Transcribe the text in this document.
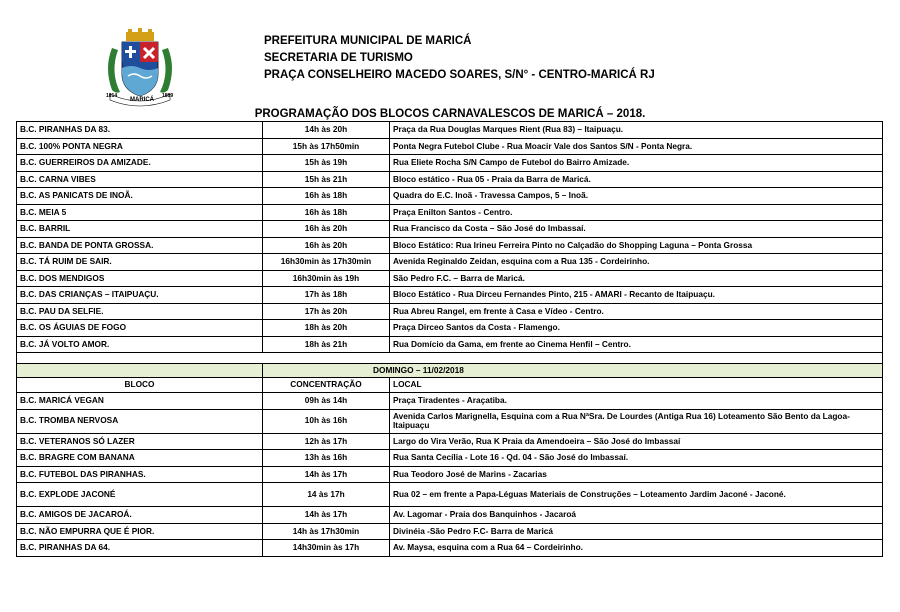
1814
MARICÁ
1889
PREFEITURA MUNICIPAL DE MARICÁ
SECRETARIA DE TURISMO
PRAÇA CONSELHEIRO MACEDO SOARES, S/N° - CENTRO-MARICÁ RJ
PROGRAMAÇÃO DOS BLOCOS CARNAVALESCOS DE MARICÁ – 2018.
B.C. PIRANHAS DA 83.	14h às 20h	Praça da Rua Douglas Marques Rient (Rua 83) – Itaipuaçu.
B.C. 100% PONTA NEGRA	15h às 17h50min	Ponta Negra Futebol Clube - Rua Moacir Vale dos Santos S/N - Ponta Negra.
B.C. GUERREIROS DA AMIZADE.	15h às 19h	Rua Eliete Rocha S/N Campo de Futebol do Bairro Amizade.
B.C. CARNA VIBES	15h às 21h	Bloco estático - Rua 05 - Praia da Barra de Maricá.
B.C. AS PANICATS DE INOÃ.	16h às 18h	Quadra do E.C. Inoã - Travessa Campos, 5 – Inoã.
B.C. MEIA 5	16h às 18h	Praça Enilton Santos - Centro.
B.C. BARRIL	16h às 20h	Rua Francisco da Costa – São José do Imbassaí.
B.C. BANDA DE PONTA GROSSA.	16h às 20h	Bloco Estático: Rua Irineu Ferreira Pinto no Calçadão do Shopping Laguna – Ponta Grossa
B.C. TÁ RUIM DE SAIR.	16h30min às 17h30min	Avenida Reginaldo Zeidan, esquina com a Rua 135 - Cordeirinho.
B.C. DOS MENDIGOS	16h30min às 19h	São Pedro F.C. – Barra de Maricá.
B.C. DAS CRIANÇAS – ITAIPUAÇU.	17h às 18h	Bloco Estático - Rua Dirceu Fernandes Pinto, 215 - AMARI - Recanto de Itaipuaçu.
B.C. PAU DA SELFIE.	17h às 20h	Rua Abreu Rangel, em frente à Casa e Vídeo - Centro.
B.C. OS ÁGUIAS DE FOGO	18h às 20h	Praça Dirceo Santos da Costa - Flamengo.
B.C. JÁ VOLTO AMOR.	18h às 21h	Rua Domício da Gama, em frente ao Cinema Henfil – Centro.

	DOMINGO – 11/02/2018	
BLOCO	CONCENTRAÇÃO	LOCAL
B.C. MARICÁ VEGAN	09h às 14h	Praça Tiradentes - Araçatiba.
B.C. TROMBA NERVOSA	10h às 16h	Avenida Carlos Marignella, Esquina com a Rua NªSra. De Lourdes (Antiga Rua 16) Loteamento São Bento da Lagoa- Itaipuaçu
B.C. VETERANOS SÓ LAZER	12h às 17h	Largo do Vira Verão, Rua K Praia da Amendoeira – São José do Imbassaí
B.C. BRAGRE COM BANANA	13h às 16h	Rua Santa Cecília - Lote 16 - Qd. 04 - São José do Imbassaí.
B.C. FUTEBOL DAS PIRANHAS.	14h às 17h	Rua Teodoro José de Marins - Zacarias
B.C. EXPLODE JACONÉ	14 às 17h	Rua 02 – em frente a Papa-Léguas Materiais de Construções – Loteamento Jardim Jaconé - Jaconé.
B.C. AMIGOS DE JACAROÁ.	14h às 17h	Av. Lagomar - Praia dos Banquinhos - Jacaroá
B.C. NÃO EMPURRA QUE É PIOR.	14h às 17h30min	Divinéia -São Pedro F.C- Barra de Maricá
B.C. PIRANHAS DA 64.	14h30min às 17h	Av. Maysa, esquina com a Rua 64 – Cordeirinho.
